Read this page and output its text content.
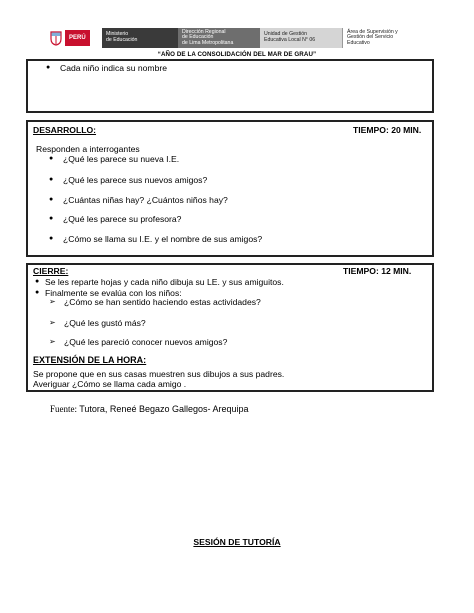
PERÚ
Ministerio
de Educación
Dirección Regional
de Educación
de Lima Metropolitana
Unidad de Gestión
Educativa Local N° 06
Área de Supervisión y
Gestión del Servicio
Educativo
“AÑO DE LA CONSOLIDACIÓN DEL MAR DE GRAU”
● Cada niño indica su nombre
DESARROLLO:	TIEMPO: 20 MIN.
Responden a interrogantes
● ¿Qué les parece su nueva I.E.
● ¿Qué les parece sus nuevos amigos?
● ¿Cuántas niñas hay? ¿Cuántos niños hay?
● ¿Qué les parece su profesora?
● ¿Cómo se llama su I.E. y el nombre de sus amigos?
CIERRE:	TIEMPO: 12 MIN.
● Se les reparte hojas y cada niño dibuja su LE. y sus amiguitos.
● Finalmente se evalúa con los niños:
➢ ¿Cómo se han sentido haciendo estas actividades?
➢ ¿Qué les gustó más?
➢ ¿Qué les pareció conocer nuevos amigos?
EXTENSIÓN DE LA HORA:
Se propone que en sus casas muestren sus dibujos a sus padres.
Averiguar ¿Cómo se llama cada amigo .
Fuente: Tutora, Reneé Begazo Gallegos- Arequipa
SESIÓN DE TUTORÍA
